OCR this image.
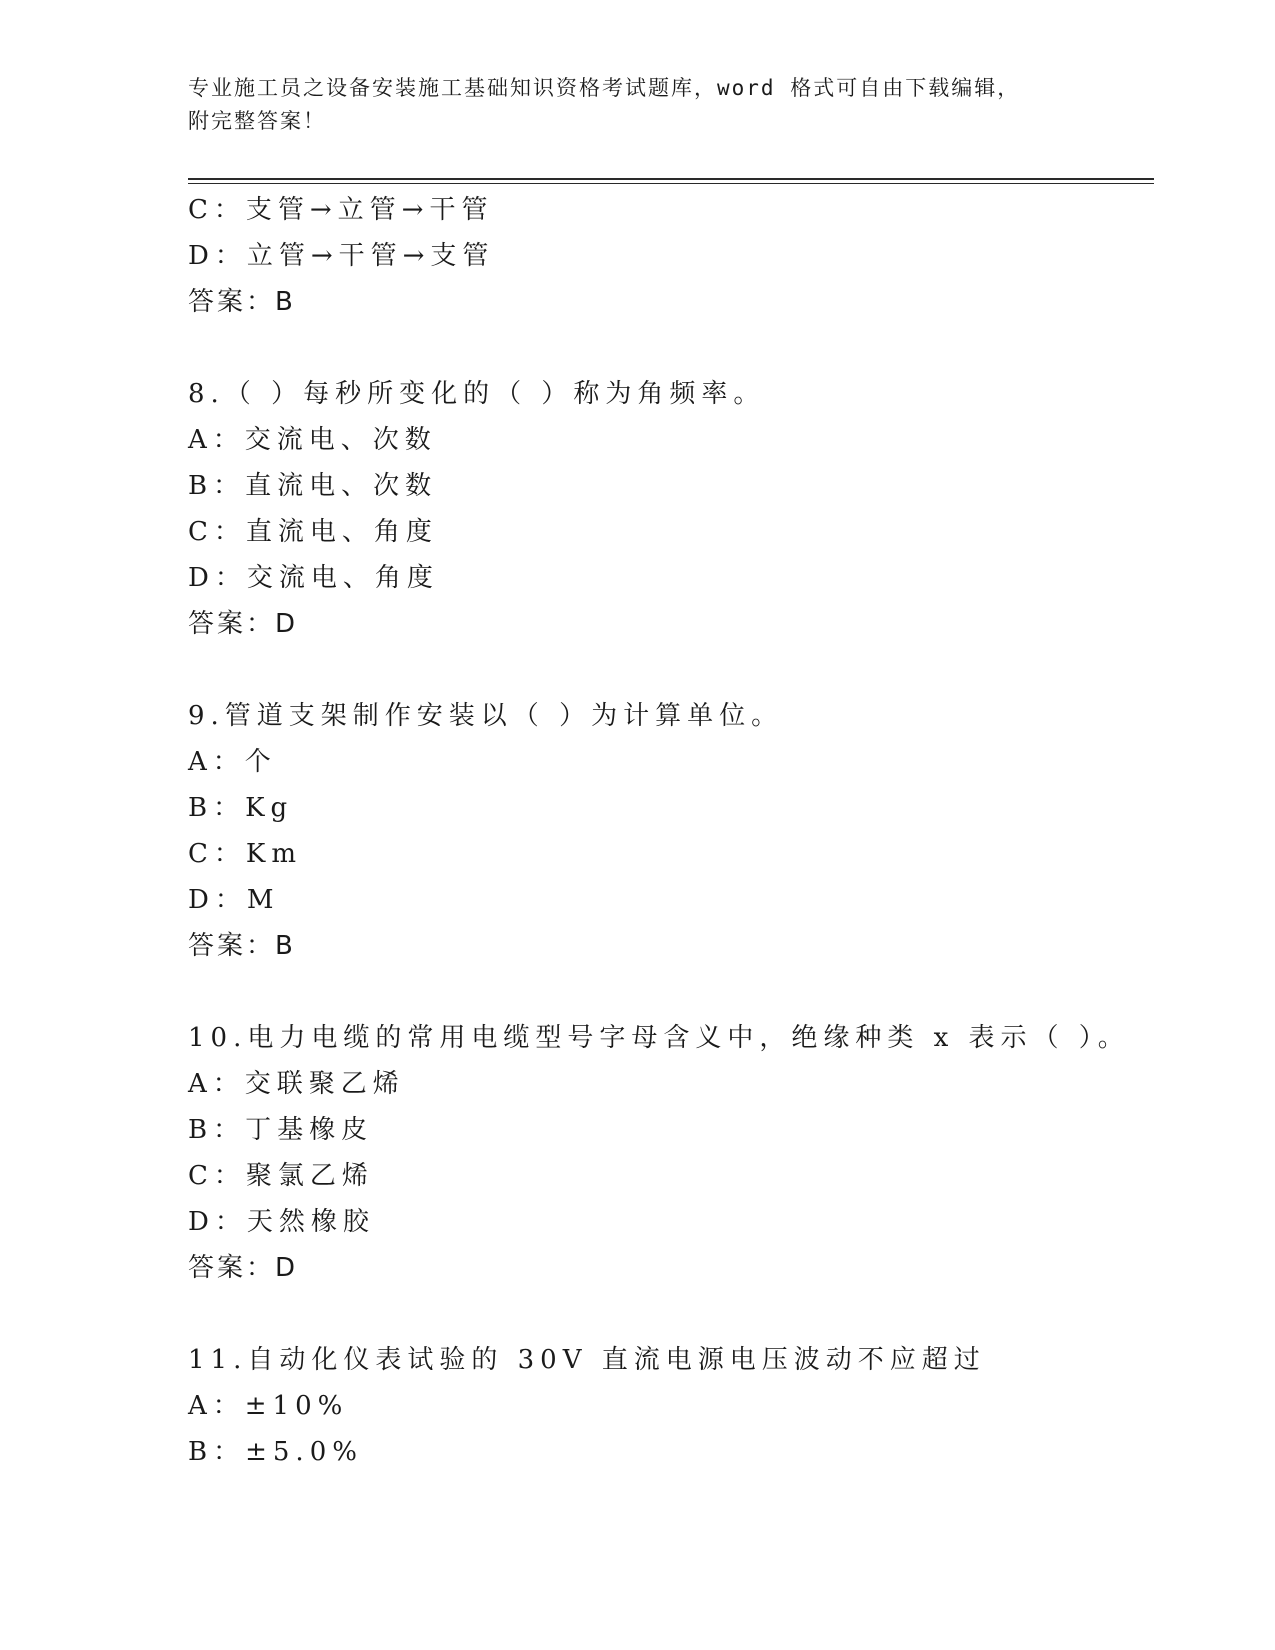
专业施工员之设备安装施工基础知识资格考试题库，word 格式可自由下载编辑，
附完整答案！
C：支管→立管→干管
D：立管→干管→支管
答案：B
8.（ ）每秒所变化的（ ）称为角频率。
A：交流电、次数
B：直流电、次数
C：直流电、角度
D：交流电、角度
答案：D
9.管道支架制作安装以（ ）为计算单位。
A：个
B：Kg
C：Km
D：M
答案：B
10.电力电缆的常用电缆型号字母含义中，绝缘种类 x 表示（ ）。
A：交联聚乙烯
B：丁基橡皮
C：聚氯乙烯
D：天然橡胶
答案：D
11.自动化仪表试验的 30V 直流电源电压波动不应超过
A：±10%
B：±5.0%
